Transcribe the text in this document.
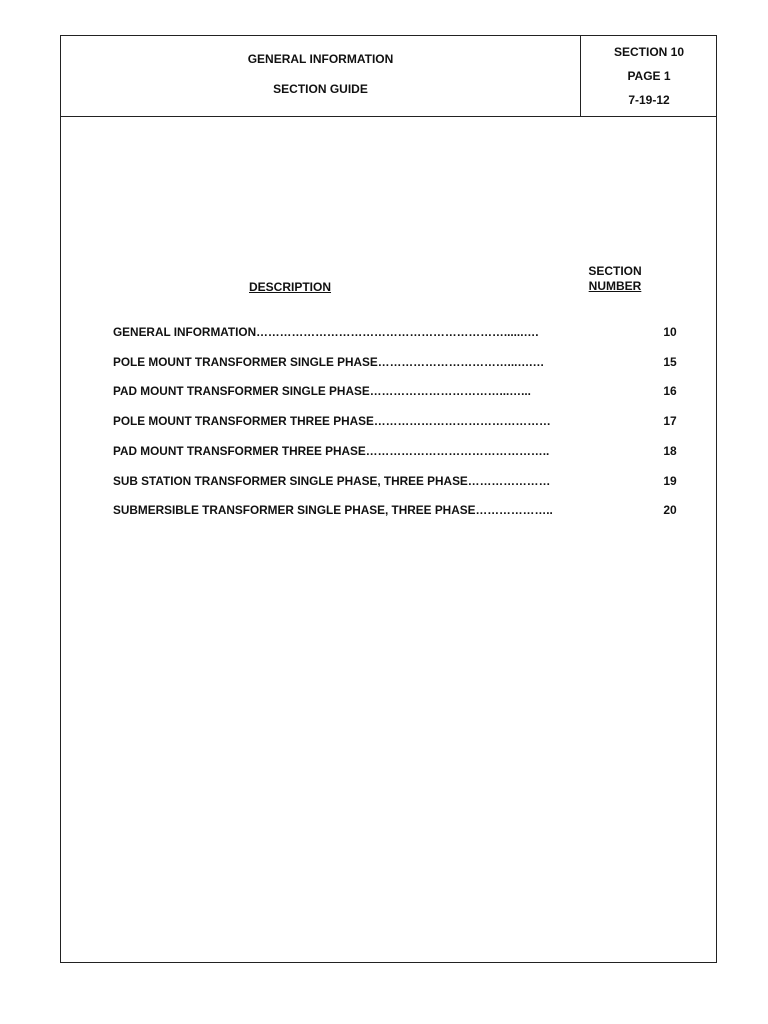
GENERAL INFORMATION
SECTION GUIDE
SECTION 10
PAGE 1
7-19-12
DESCRIPTION
SECTION
NUMBER
GENERAL INFORMATION………………………………………………………......….	10
POLE MOUNT TRANSFORMER SINGLE PHASE……………………………...….…	15
PAD MOUNT TRANSFORMER SINGLE PHASE……………………………...…...	16
POLE MOUNT TRANSFORMER THREE PHASE………………………………………	17
PAD MOUNT TRANSFORMER THREE PHASE………………………………………..	18
SUB STATION TRANSFORMER SINGLE PHASE, THREE PHASE…………………	19
SUBMERSIBLE TRANSFORMER SINGLE PHASE, THREE PHASE………………..	20
